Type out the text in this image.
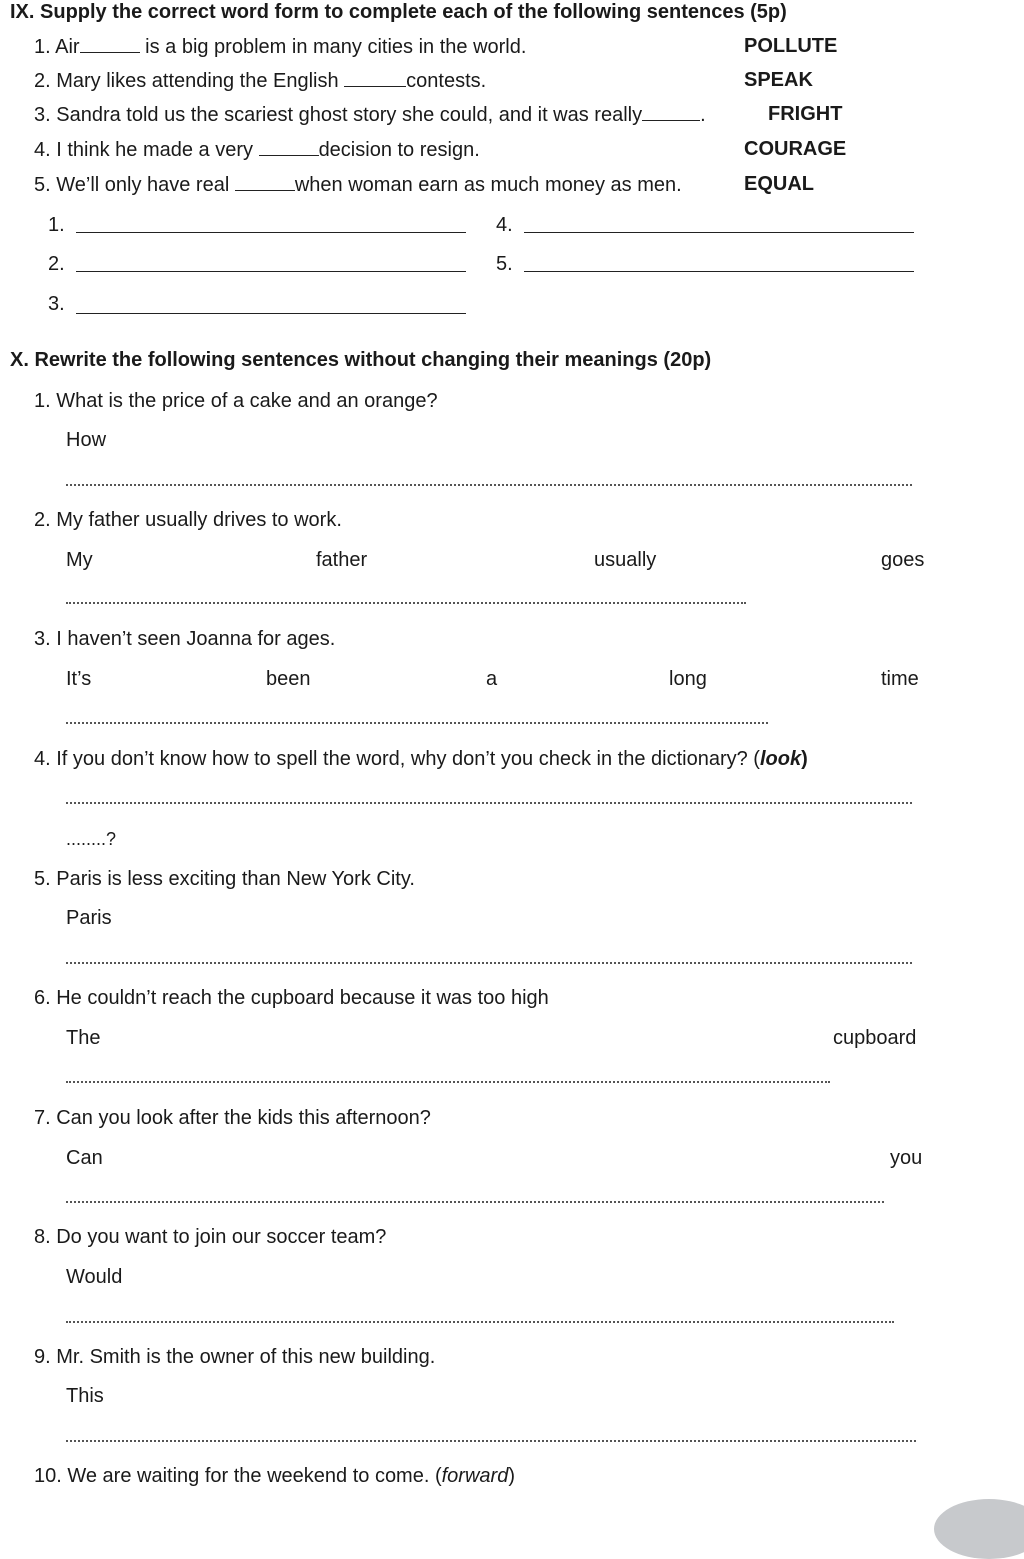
IX. Supply the correct word form to complete each of the following sentences (5p)
1. Air	is a big problem in many cities in the world.	POLLUTE
2. Mary likes attending the English	contests.	SPEAK
3. Sandra told us the scariest ghost story she could, and it was really	.	FRIGHT
4. I think he made a very	decision to resign.	COURAGE
5. We’ll only have real	when woman earn as much money as men.	EQUAL
1.	4.
2.	5.
3.
X. Rewrite the following sentences without changing their meanings (20p)
1. What is the price of a cake and an orange?
How
2. My father usually drives to work.
My	father	usually	goes
3. I haven’t seen Joanna for ages.
It’s	been	a	long	time
4. If you don’t know how to spell the word, why don’t you check in the dictionary? (look)
........?
5. Paris is less exciting than New York City.
Paris
6. He couldn’t reach the cupboard because it was too high
The	cupboard
7. Can you look after the kids this afternoon?
Can	you
8. Do you want to join our soccer team?
Would
9. Mr. Smith is the owner of this new building.
This
10. We are waiting for the weekend to come. (forward)
